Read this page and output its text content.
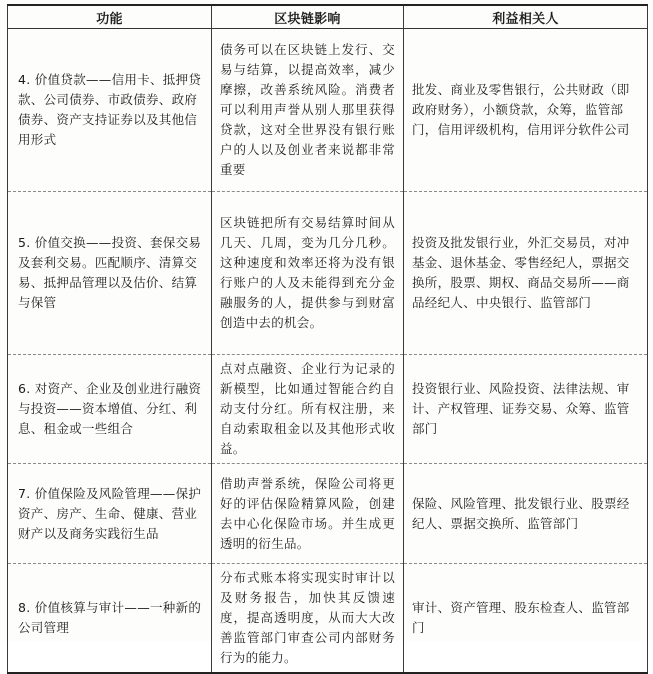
功能	区块链影响	利益相关人
4. 价值贷款——信用卡、抵押贷款、公司债券、市政债券、政府债券、资产支持证券以及其他信用形式	债务可以在区块链上发行、交易与结算，以提高效率，减少摩擦，改善系统风险。消费者可以利用声誉从别人那里获得贷款，这对全世界没有银行账户的人以及创业者来说都非常重要	批发、商业及零售银行，公共财政（即政府财务），小额贷款，众筹，监管部门，信用评级机构，信用评分软件公司
5. 价值交换——投资、套保交易及套利交易。匹配顺序、清算交易、抵押品管理以及估价、结算与保管	区块链把所有交易结算时间从几天、几周，变为几分几秒。这种速度和效率还将为没有银行账户的人及未能得到充分金融服务的人，提供参与到财富创造中去的机会。	投资及批发银行业，外汇交易员，对冲基金、退休基金、零售经纪人，票据交换所，股票、期权、商品交易所——商品经纪人、中央银行、监管部门
6. 对资产、企业及创业进行融资与投资——资本增值、分红、利息、租金或一些组合	点对点融资、企业行为记录的新模型，比如通过智能合约自动支付分红。所有权注册，来自动索取租金以及其他形式收益。	投资银行业、风险投资、法律法规、审计、产权管理、证券交易、众筹、监管部门
7. 价值保险及风险管理——保护资产、房产、生命、健康、营业财产以及商务实践衍生品	借助声誉系统，保险公司将更好的评估保险精算风险，创建去中心化保险市场。并生成更透明的衍生品。	保险、风险管理、批发银行业、股票经纪人、票据交换所、监管部门
8. 价值核算与审计——一种新的公司管理	分布式账本将实现实时审计以及财务报告，加快其反馈速度，提高透明度，从而大大改善监管部门审查公司内部财务行为的能力。	审计、资产管理、股东检查人、监管部门
